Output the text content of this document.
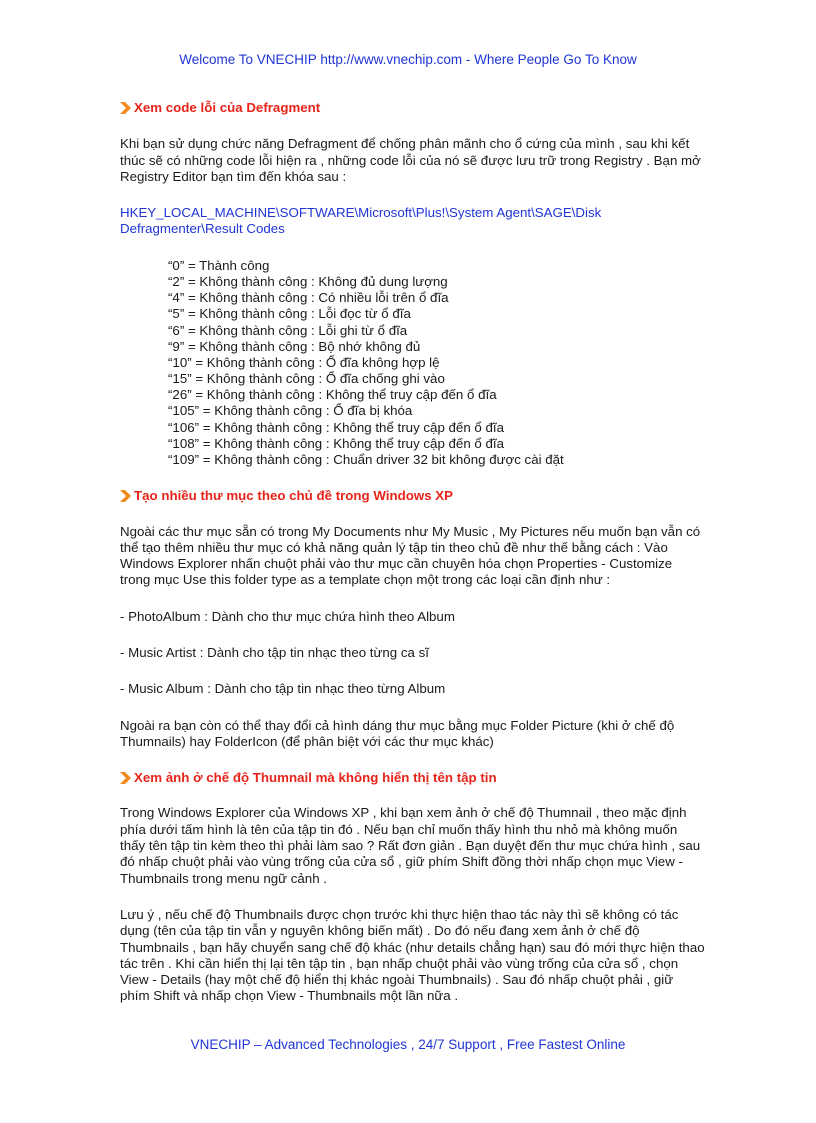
Welcome To VNECHIP http://www.vnechip.com - Where People Go To Know
Xem code lỗi của Defragment

Khi bạn sử dụng chức năng Defragment để chống phân mãnh cho ổ cứng của mình , sau khi kết thúc sẽ có những code lỗi hiện ra , những code lỗi của nó sẽ được lưu trữ trong Registry . Bạn mở Registry Editor bạn tìm đến khóa sau :

HKEY_LOCAL_MACHINE\SOFTWARE\Microsoft\Plus!\System Agent\SAGE\Disk Defragmenter\Result Codes

“0” = Thành công
“2” = Không thành công : Không đủ dung lượng
“4” = Không thành công : Có nhiều lỗi trên ổ đĩa
“5” = Không thành công : Lỗi đọc từ ổ đĩa
“6” = Không thành công : Lỗi ghi từ ổ đĩa
“9” = Không thành công : Bộ nhớ không đủ
“10” = Không thành công : Ổ đĩa không hợp lệ
“15” = Không thành công : Ổ đĩa chống ghi vào
“26” = Không thành công : Không thể truy cập đến ổ đĩa
“105” = Không thành công : Ổ đĩa bị khóa
“106” = Không thành công : Không thể truy cập đến ổ đĩa
“108” = Không thành công : Không thể truy cập đến ổ đĩa
“109” = Không thành công : Chuẩn driver 32 bit không được cài đặt
Tạo nhiều thư mục theo chủ đề trong Windows XP

Ngoài các thư mục sẵn có trong My Documents như My Music , My Pictures nếu muốn bạn vẫn có thể tạo thêm nhiều thư mục có khả năng quản lý tập tin theo chủ đề như thế bằng cách : Vào Windows Explorer nhấn chuột phải vào thư mục cần chuyên hóa chọn Properties - Customize trong mục Use this folder type as a template chọn một trong các loại cần định như :

- PhotoAlbum : Dành cho thư mục chứa hình theo Album

- Music Artist : Dành cho tập tin nhạc theo từng ca sĩ

- Music Album : Dành cho tập tin nhạc theo từng Album

Ngoài ra bạn còn có thể thay đổi cả hình dáng thư mục bằng mục Folder Picture (khi ở chế độ Thumnails) hay FolderIcon (để phân biệt với các thư mục khác)

Xem ảnh ở chế độ Thumnail mà không hiển thị tên tập tin

Trong Windows Explorer của Windows XP , khi bạn xem ảnh ở chế độ Thumnail , theo mặc định phía dưới tấm hình là tên của tập tin đó . Nếu bạn chỉ muốn thấy hình thu nhỏ mà không muốn thấy tên tập tin kèm theo thì phải làm sao ? Rất đơn giản . Bạn duyệt đến thư mục chứa hình , sau đó nhấp chuột phải vào vùng trống của cửa sổ , giữ phím Shift đồng thời nhấp chọn mục View - Thumbnails trong menu ngữ cảnh .

Lưu ý , nếu chế độ Thumbnails được chọn trước khi thực hiện thao tác này thì sẽ không có tác dụng (tên của tập tin vẫn y nguyên không biến mất) . Do đó nếu đang xem ảnh ở chế độ Thumbnails , bạn hãy chuyển sang chế độ khác (như details chẳng hạn) sau đó mới thực hiện thao tác trên . Khi cần hiển thị lại tên tập tin , bạn nhấp chuột phải vào vùng trống của cửa sổ , chọn View - Details (hay một chế độ hiển thị khác ngoài Thumbnails) . Sau đó nhấp chuột phải , giữ phím Shift và nhấp chọn View - Thumbnails một lần nữa .

VNECHIP – Advanced Technologies , 24/7 Support , Free Fastest Online
